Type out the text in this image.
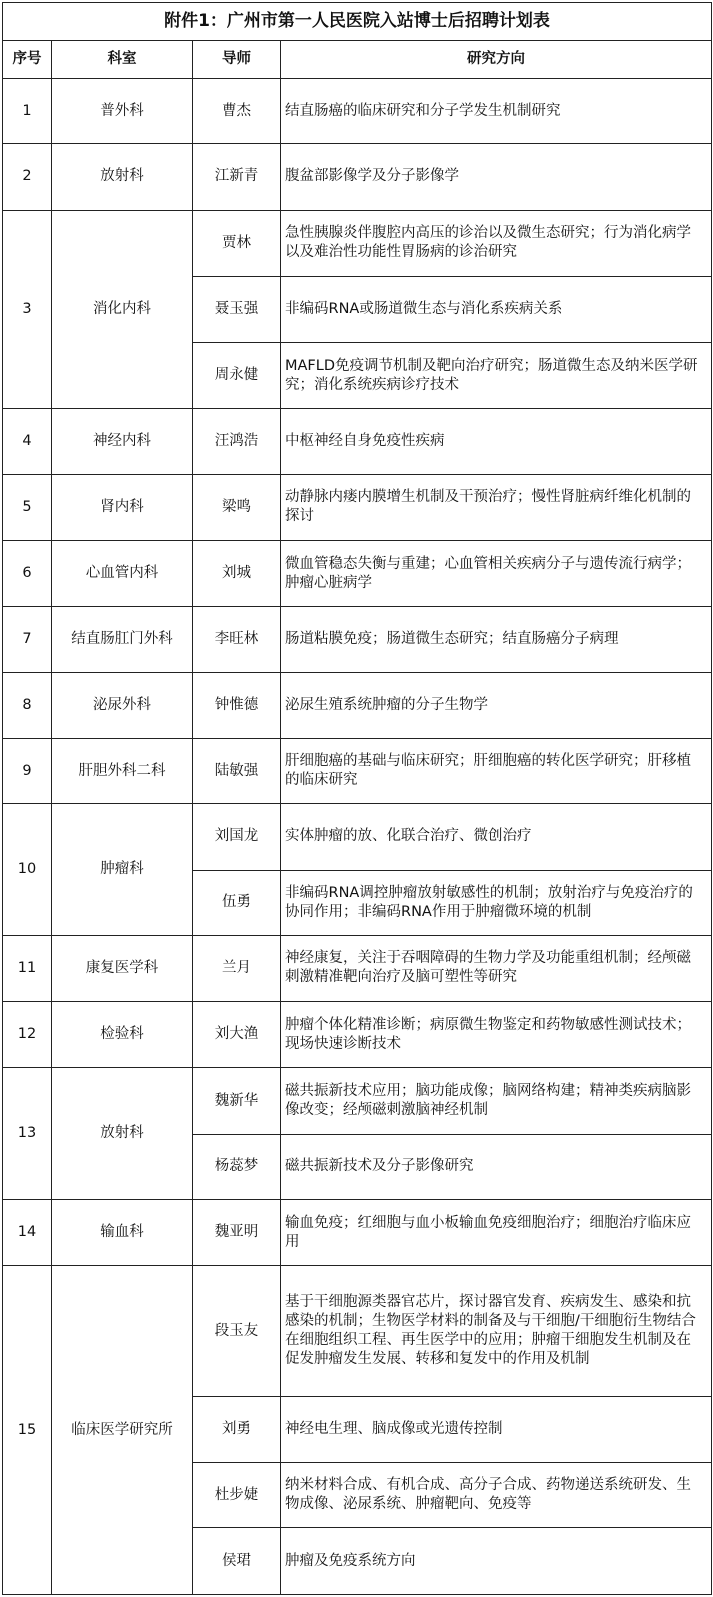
附件1：广州市第一人民医院入站博士后招聘计划表			
序号	科室	导师	研究方向
1	普外科	曹杰	结直肠癌的临床研究和分子学发生机制研究
2	放射科	江新青	腹盆部影像学及分子影像学
3	消化内科	贾林	急性胰腺炎伴腹腔内高压的诊治以及微生态研究；行为消化病学以及难治性功能性胃肠病的诊治研究
		聂玉强	非编码RNA或肠道微生态与消化系疾病关系
		周永健	MAFLD免疫调节机制及靶向治疗研究；肠道微生态及纳米医学研究；消化系统疾病诊疗技术
4	神经内科	汪鸿浩	中枢神经自身免疫性疾病
5	肾内科	梁鸣	动静脉内瘘内膜增生机制及干预治疗；慢性肾脏病纤维化机制的探讨
6	心血管内科	刘城	微血管稳态失衡与重建；心血管相关疾病分子与遗传流行病学；肿瘤心脏病学
7	结直肠肛门外科	李旺林	肠道粘膜免疫；肠道微生态研究；结直肠癌分子病理
8	泌尿外科	钟惟德	泌尿生殖系统肿瘤的分子生物学
9	肝胆外科二科	陆敏强	肝细胞癌的基础与临床研究；肝细胞癌的转化医学研究；肝移植的临床研究
10	肿瘤科	刘国龙	实体肿瘤的放、化联合治疗、微创治疗
		伍勇	非编码RNA调控肿瘤放射敏感性的机制；放射治疗与免疫治疗的协同作用；非编码RNA作用于肿瘤微环境的机制
11	康复医学科	兰月	神经康复，关注于吞咽障碍的生物力学及功能重组机制；经颅磁刺激精准靶向治疗及脑可塑性等研究
12	检验科	刘大渔	肿瘤个体化精准诊断；病原微生物鉴定和药物敏感性测试技术；现场快速诊断技术
13	放射科	魏新华	磁共振新技术应用；脑功能成像；脑网络构建；精神类疾病脑影像改变；经颅磁刺激脑神经机制
		杨蕊梦	磁共振新技术及分子影像研究
14	输血科	魏亚明	输血免疫；红细胞与血小板输血免疫细胞治疗；细胞治疗临床应用
15	临床医学研究所	段玉友	基于干细胞源类器官芯片，探讨器官发育、疾病发生、感染和抗感染的机制；生物医学材料的制备及与干细胞/干细胞衍生物结合在细胞组织工程、再生医学中的应用；肿瘤干细胞发生机制及在促发肿瘤发生发展、转移和复发中的作用及机制
		刘勇	神经电生理、脑成像或光遗传控制
		杜步婕	纳米材料合成、有机合成、高分子合成、药物递送系统研发、生物成像、泌尿系统、肿瘤靶向、免疫等
		侯珺	肿瘤及免疫系统方向
